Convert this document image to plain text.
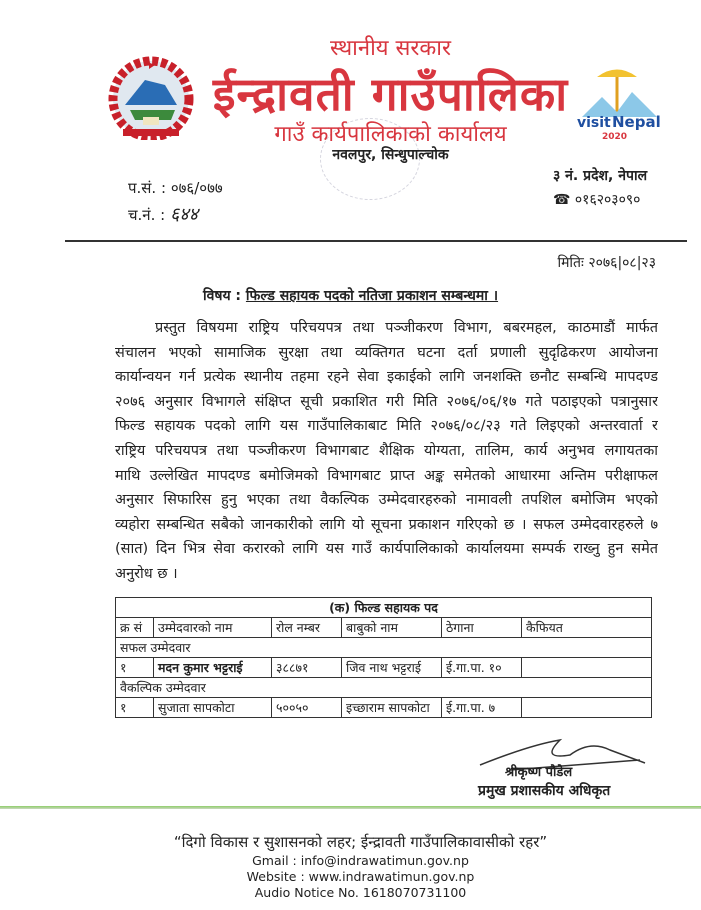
visit Nepal
2020
स्थानीय सरकार
ईन्द्रावती गाउँपालिका
गाउँ कार्यपालिकाको कार्यालय
नवलपुर, सिन्धुपाल्चोक
३ नं. प्रदेश, नेपाल
☎ ०१६२०३०९०
प.सं. : ०७६/०७७
च.नं. : ६४४
मितिः २०७६|०८|२३
विषय : फिल्ड सहायक पदको नतिजा प्रकाशन सम्बन्धमा ।
प्रस्तुत विषयमा राष्ट्रिय परिचयपत्र तथा पञ्जीकरण विभाग, बबरमहल, काठमाडौं मार्फत
संचालन भएको सामाजिक सुरक्षा तथा व्यक्तिगत घटना दर्ता प्रणाली सुदृढिकरण आयोजना
कार्यान्वयन गर्न प्रत्येक स्थानीय तहमा रहने सेवा इकाईको लागि जनशक्ति छनौट सम्बन्धि मापदण्ड
२०७६ अनुसार विभागले संक्षिप्त सूची प्रकाशित गरी मिति २०७६/०६/१७ गते पठाइएको पत्रानुसार
फिल्ड सहायक पदको लागि यस गाउँपालिकाबाट मिति २०७६/०८/२३ गते लिइएको अन्तरवार्ता र
राष्ट्रिय परिचयपत्र तथा पञ्जीकरण विभागबाट शैक्षिक योग्यता, तालिम, कार्य अनुभव लगायतका
माथि उल्लेखित मापदण्ड बमोजिमको विभागबाट प्राप्त अङ्क समेतको आधारमा अन्तिम परीक्षाफल
अनुसार सिफारिस हुनु भएका तथा वैकल्पिक उम्मेदवारहरुको नामावली तपशिल बमोजिम भएको
व्यहोरा सम्बन्धित सबैको जानकारीको लागि यो सूचना प्रकाशन गरिएको छ । सफल उम्मेदवारहरुले ७
(सात) दिन भित्र सेवा करारको लागि यस गाउँ कार्यपालिकाको कार्यालयमा सम्पर्क राख्नु हुन समेत
अनुरोध छ ।
(क) फिल्ड सहायक पद					
क्र सं	उम्मेदवारको नाम	रोल नम्बर	बाबुको नाम	ठेगाना	कैफियत
सफल उम्मेदवार					
१	मदन कुमार भट्टराई	३८८७१	जिव नाथ भट्टराई	ई.गा.पा. १०	
वैकल्पिक उम्मेदवार					
१	सुजाता सापकोटा	५००५०	इच्छाराम सापकोटा	ई.गा.पा. ७	
श्रीकृष्ण पौडेल
प्रमुख प्रशासकीय अधिकृत
“दिगो विकास र सुशासनको लहर; ईन्द्रावती गाउँपालिकावासीको रहर”
Gmail : info@indrawatimun.gov.np
Website : www.indrawatimun.gov.np
Audio Notice No. 1618070731100
